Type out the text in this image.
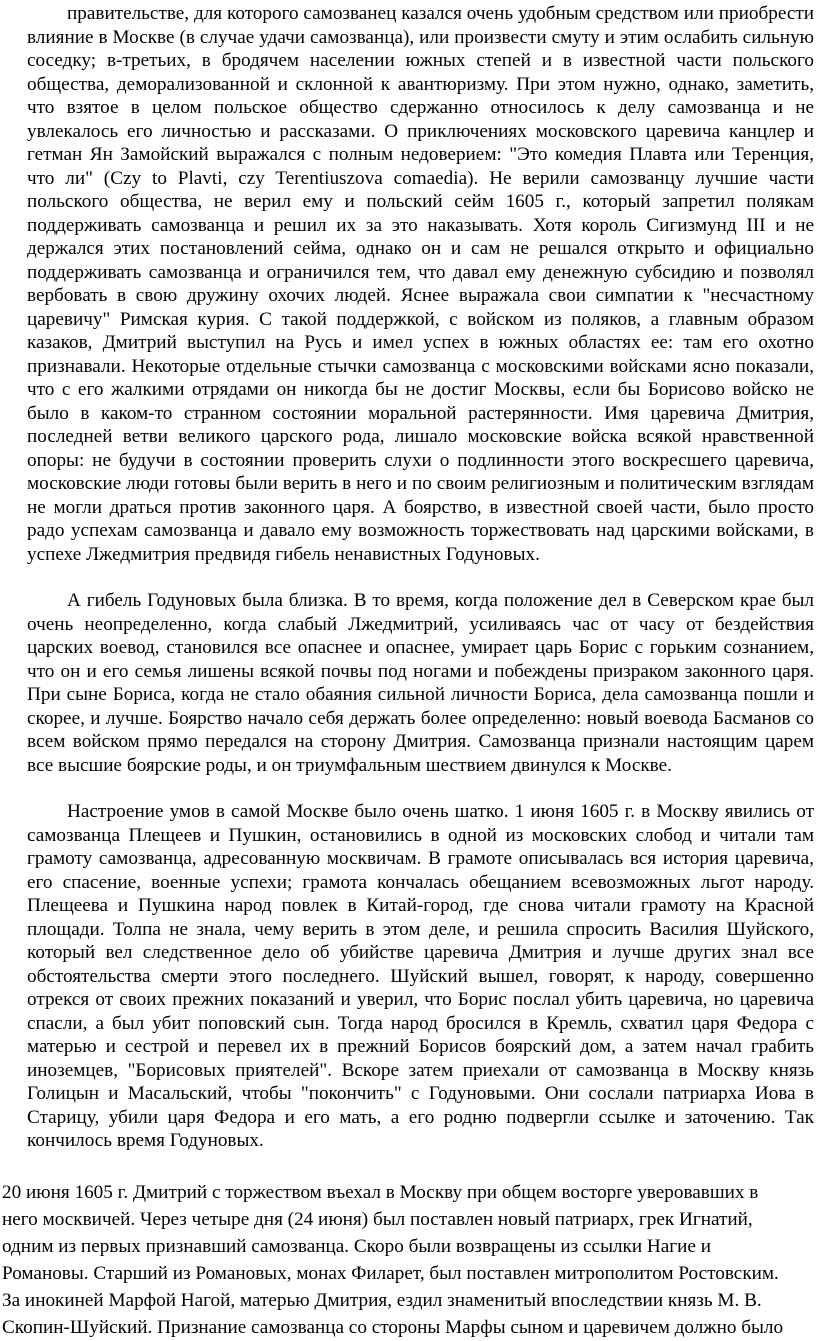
правительстве, для которого самозванец казался очень удобным средством или приобрести влияние в Москве (в случае удачи самозванца), или произвести смуту и этим ослабить сильную соседку; в-третьих, в бродячем населении южных степей и в известной части польского общества, деморализованной и склонной к авантюризму. При этом нужно, однако, заметить, что взятое в целом польское общество сдержанно относилось к делу самозванца и не увлекалось его личностью и рассказами. О приключениях московского царевича канцлер и гетман Ян Замойский выражался с полным недоверием: "Это комедия Плавта или Теренция, что ли" (Czy to Plavti, czy Terentiuszova comaedia). Не верили самозванцу лучшие части польского общества, не верил ему и польский сейм 1605 г., который запретил полякам поддерживать самозванца и решил их за это наказывать. Хотя король Сигизмунд III и не держался этих постановлений сейма, однако он и сам не решался открыто и официально поддерживать самозванца и ограничился тем, что давал ему денежную субсидию и позволял вербовать в свою дружину охочих людей. Яснее выражала свои симпатии к "несчастному царевичу" Римская курия. С такой поддержкой, с войском из поляков, а главным образом казаков, Дмитрий выступил на Русь и имел успех в южных областях ее: там его охотно признавали. Некоторые отдельные стычки самозванца с московскими войсками ясно показали, что с его жалкими отрядами он никогда бы не достиг Москвы, если бы Борисово войско не было в каком-то странном состоянии моральной растерянности. Имя царевича Дмитрия, последней ветви великого царского рода, лишало московские войска всякой нравственной опоры: не будучи в состоянии проверить слухи о подлинности этого воскресшего царевича, московские люди готовы были верить в него и по своим религиозным и политическим взглядам не могли драться против законного царя. А боярство, в известной своей части, было просто радо успехам самозванца и давало ему возможность торжествовать над царскими войсками, в успехе Лжедмитрия предвидя гибель ненавистных Годуновых.

А гибель Годуновых была близка. В то время, когда положение дел в Северском крае был очень неопределенно, когда слабый Лжедмитрий, усиливаясь час от часу от бездействия царских воевод, становился все опаснее и опаснее, умирает царь Борис с горьким сознанием, что он и его семья лишены всякой почвы под ногами и побеждены призраком законного царя. При сыне Бориса, когда не стало обаяния сильной личности Бориса, дела самозванца пошли и скорее, и лучше. Боярство начало себя держать более определенно: новый воевода Басманов со всем войском прямо передался на сторону Дмитрия. Самозванца признали настоящим царем все высшие боярские роды, и он триумфальным шествием двинулся к Москве.

Настроение умов в самой Москве было очень шатко. 1 июня 1605 г. в Москву явились от самозванца Плещеев и Пушкин, остановились в одной из московских слобод и читали там грамоту самозванца, адресованную москвичам. В грамоте описывалась вся история царевича, его спасение, военные успехи; грамота кончалась обещанием всевозможных льгот народу. Плещеева и Пушкина народ повлек в Китай-город, где снова читали грамоту на Красной площади. Толпа не знала, чему верить в этом деле, и решила спросить Василия Шуйского, который вел следственное дело об убийстве царевича Дмитрия и лучше других знал все обстоятельства смерти этого последнего. Шуйский вышел, говорят, к народу, совершенно отрекся от своих прежних показаний и уверил, что Борис послал убить царевича, но царевича спасли, а был убит поповский сын. Тогда народ бросился в Кремль, схватил царя Федора с матерью и сестрой и перевел их в прежний Борисов боярский дом, а затем начал грабить иноземцев, "Борисовых приятелей". Вскоре затем приехали от самозванца в Москву князь Голицын и Масальский, чтобы "покончить" с Годуновыми. Они сослали патриарха Иова в Старицу, убили царя Федора и его мать, а его родню подвергли ссылке и заточению. Так кончилось время Годуновых.

20 июня 1605 г. Дмитрий с торжеством въехал в Москву при общем восторге уверовавших в него москвичей. Через четыре дня (24 июня) был поставлен новый патриарх, грек Игнатий, одним из первых признавший самозванца. Скоро были возвращены из ссылки Нагие и Романовы. Старший из Романовых, монах Филарет, был поставлен митрополитом Ростовским. За инокиней Марфой Нагой, матерью Дмитрия, ездил знаменитый впоследствии князь М. В. Скопин-Шуйский. Признание самозванца со стороны Марфы сыном и царевичем должно было
